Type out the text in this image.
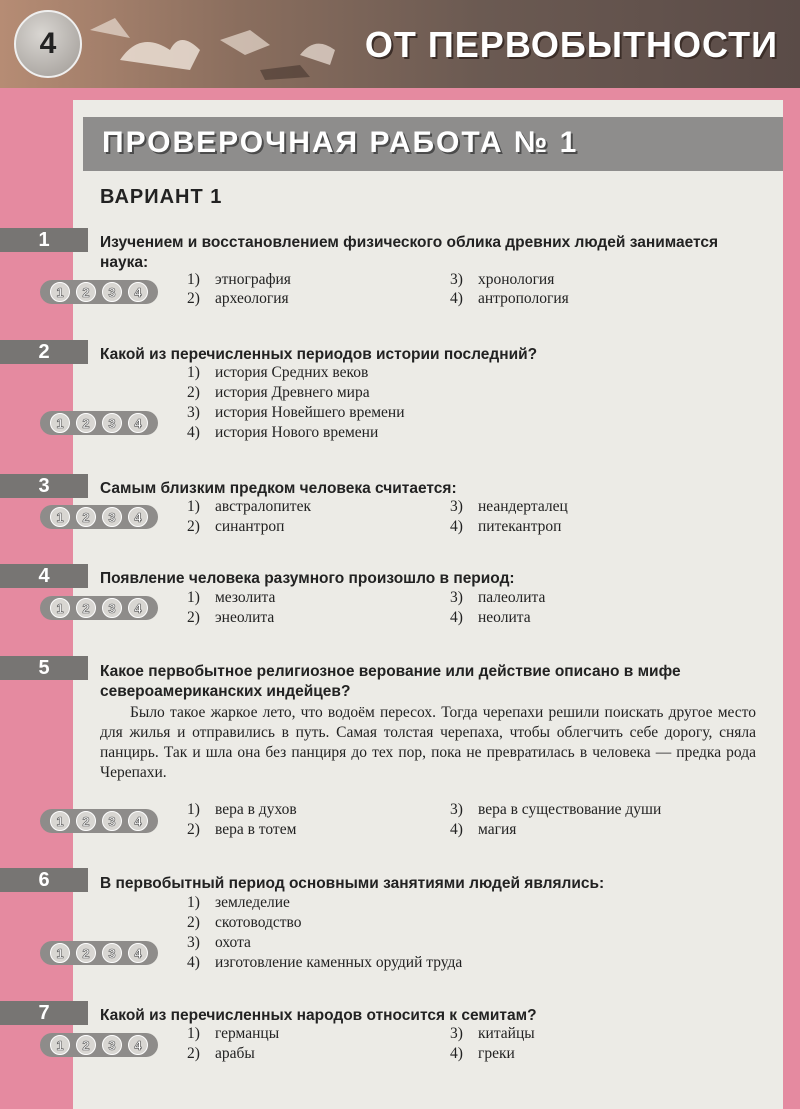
4	ОТ ПЕРВОБЫТНОСТИ
ПРОВЕРОЧНАЯ РАБОТА № 1
ВАРИАНТ 1
1	Изучением и восстановлением физического облика древних людей занимается наука:
1	2	3	4
1) этнография
2) археология
3) хронология
4) антропология
2	Какой из перечисленных периодов истории последний?
1	2	3	4
1) история Средних веков
2) история Древнего мира
3) история Новейшего времени
4) история Нового времени
3	Самым близким предком человека считается:
1	2	3	4
1) австралопитек
2) синантроп
3) неандерталец
4) питекантроп
4	Появление человека разумного произошло в период:
1	2	3	4
1) мезолита
2) энеолита
3) палеолита
4) неолита
5	Какое первобытное религиозное верование или действие описано в мифе североамериканских индейцев?
Было такое жаркое лето, что водоём пересох. Тогда черепахи решили поискать другое место для жилья и отправились в путь. Самая толстая черепаха, чтобы облегчить себе дорогу, сняла панцирь. Так и шла она без панциря до тех пор, пока не превратилась в человека — предка рода Черепахи.
1	2	3	4
1) вера в духов
2) вера в тотем
3) вера в существование души
4) магия
6	В первобытный период основными занятиями людей являлись:
1	2	3	4
1) земледелие
2) скотоводство
3) охота
4) изготовление каменных орудий труда
7	Какой из перечисленных народов относится к семитам?
1	2	3	4
1) германцы
2) арабы
3) китайцы
4) греки
